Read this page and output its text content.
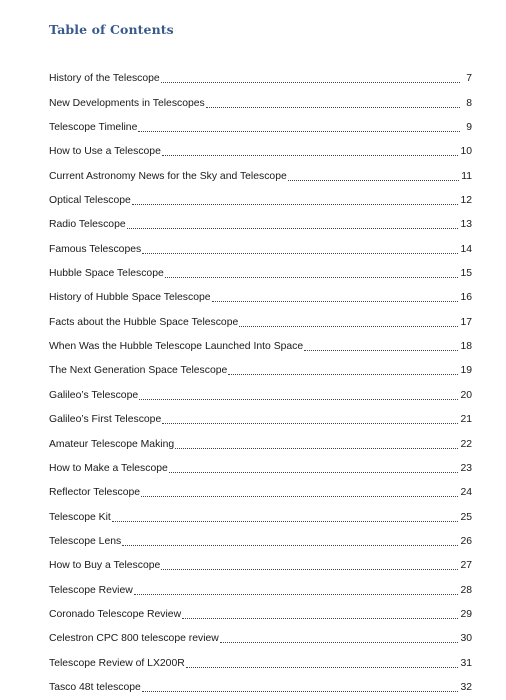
Table of Contents
History of the Telescope	7
New Developments in Telescopes	8
Telescope Timeline	9
How to Use a Telescope	10
Current Astronomy News for the Sky and Telescope	11
Optical Telescope	12
Radio Telescope	13
Famous Telescopes	14
Hubble Space Telescope	15
History of Hubble Space Telescope	16
Facts about the Hubble Space Telescope	17
When Was the Hubble Telescope Launched Into Space	18
The Next Generation Space Telescope	19
Galileo’s Telescope	20
Galileo’s First Telescope	21
Amateur Telescope Making	22
How to Make a Telescope	23
Reflector Telescope	24
Telescope Kit	25
Telescope Lens	26
How to Buy a Telescope	27
Telescope Review	28
Coronado Telescope Review	29
Celestron CPC 800 telescope review	30
Telescope Review of LX200R	31
Tasco 48t telescope	32
